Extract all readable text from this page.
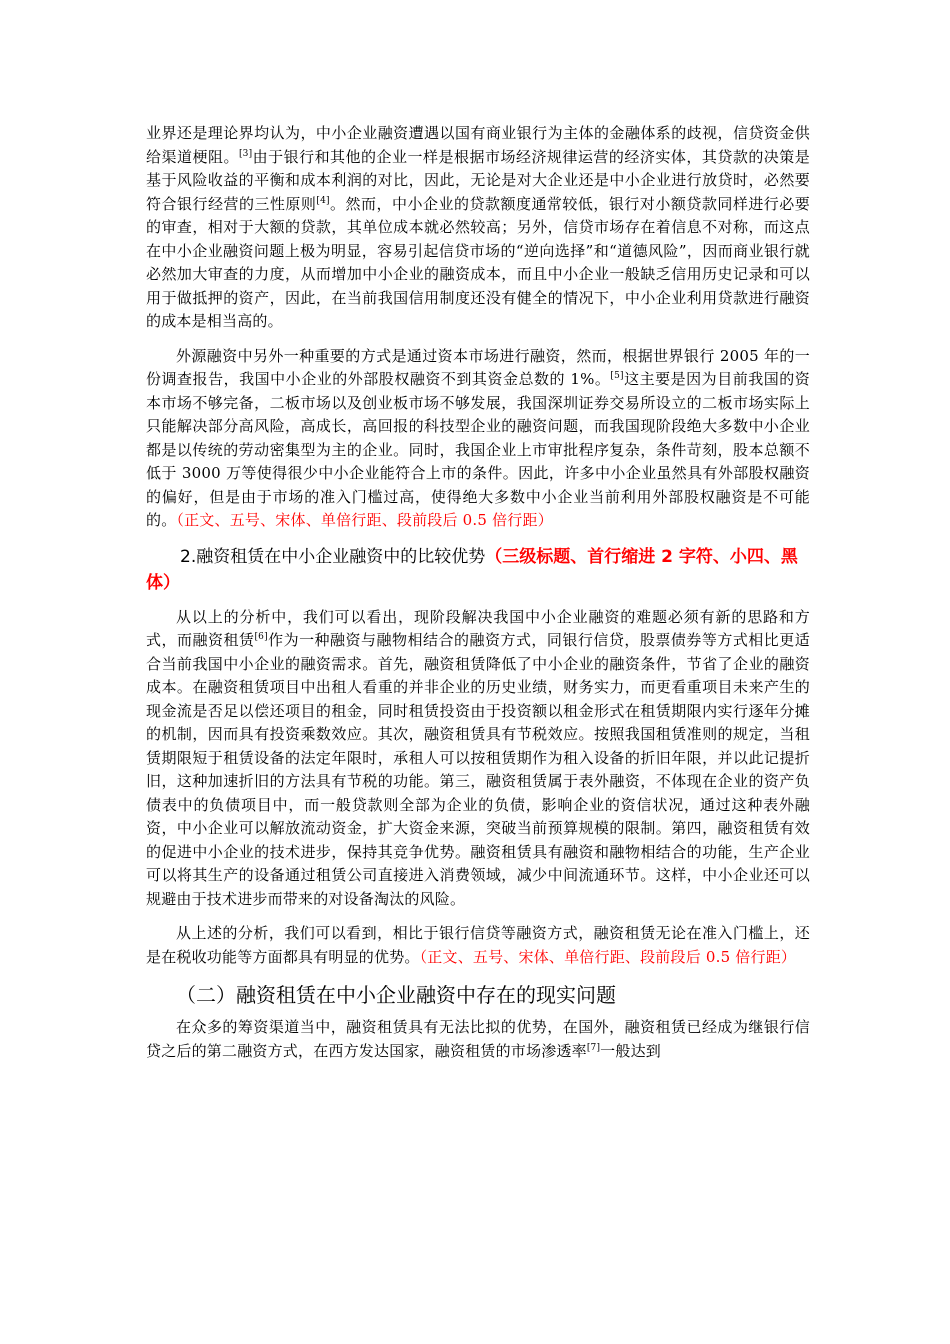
业界还是理论界均认为，中小企业融资遭遇以国有商业银行为主体的金融体系的歧视，信贷资金供给渠道梗阻。[3]由于银行和其他的企业一样是根据市场经济规律运营的经济实体，其贷款的决策是基于风险收益的平衡和成本利润的对比，因此，无论是对大企业还是中小企业进行放贷时，必然要符合银行经营的三性原则[4]。然而，中小企业的贷款额度通常较低，银行对小额贷款同样进行必要的审查，相对于大额的贷款，其单位成本就必然较高；另外，信贷市场存在着信息不对称，而这点在中小企业融资问题上极为明显，容易引起信贷市场的“逆向选择”和“道德风险”，因而商业银行就必然加大审查的力度，从而增加中小企业的融资成本，而且中小企业一般缺乏信用历史记录和可以用于做抵押的资产，因此，在当前我国信用制度还没有健全的情况下，中小企业利用贷款进行融资的成本是相当高的。

外源融资中另外一种重要的方式是通过资本市场进行融资，然而，根据世界银行 2005 年的一份调查报告，我国中小企业的外部股权融资不到其资金总数的 1%。[5]这主要是因为目前我国的资本市场不够完备，二板市场以及创业板市场不够发展，我国深圳证券交易所设立的二板市场实际上只能解决部分高风险，高成长，高回报的科技型企业的融资问题，而我国现阶段绝大多数中小企业都是以传统的劳动密集型为主的企业。同时，我国企业上市审批程序复杂，条件苛刻，股本总额不低于 3000 万等使得很少中小企业能符合上市的条件。因此，许多中小企业虽然具有外部股权融资的偏好，但是由于市场的准入门槛过高，使得绝大多数中小企业当前利用外部股权融资是不可能的。（正文、五号、宋体、单倍行距、段前段后 0.5 倍行距）

2.融资租赁在中小企业融资中的比较优势（三级标题、首行缩进 2 字符、小四、黑体）

从以上的分析中，我们可以看出，现阶段解决我国中小企业融资的难题必须有新的思路和方式，而融资租赁[6]作为一种融资与融物相结合的融资方式，同银行信贷，股票债券等方式相比更适合当前我国中小企业的融资需求。首先，融资租赁降低了中小企业的融资条件，节省了企业的融资成本。在融资租赁项目中出租人看重的并非企业的历史业绩，财务实力，而更看重项目未来产生的现金流是否足以偿还项目的租金，同时租赁投资由于投资额以租金形式在租赁期限内实行逐年分摊的机制，因而具有投资乘数效应。其次，融资租赁具有节税效应。按照我国租赁准则的规定，当租赁期限短于租赁设备的法定年限时，承租人可以按租赁期作为租入设备的折旧年限，并以此记提折旧，这种加速折旧的方法具有节税的功能。第三，融资租赁属于表外融资，不体现在企业的资产负债表中的负债项目中，而一般贷款则全部为企业的负债，影响企业的资信状况，通过这种表外融资，中小企业可以解放流动资金，扩大资金来源，突破当前预算规模的限制。第四，融资租赁有效的促进中小企业的技术进步，保持其竞争优势。融资租赁具有融资和融物相结合的功能，生产企业可以将其生产的设备通过租赁公司直接进入消费领域，减少中间流通环节。这样，中小企业还可以规避由于技术进步而带来的对设备淘汰的风险。

从上述的分析，我们可以看到，相比于银行信贷等融资方式，融资租赁无论在准入门槛上，还是在税收功能等方面都具有明显的优势。（正文、五号、宋体、单倍行距、段前段后 0.5 倍行距）

（二）融资租赁在中小企业融资中存在的现实问题

在众多的筹资渠道当中，融资租赁具有无法比拟的优势，在国外，融资租赁已经成为继银行信贷之后的第二融资方式，在西方发达国家，融资租赁的市场渗透率[7]一般达到
